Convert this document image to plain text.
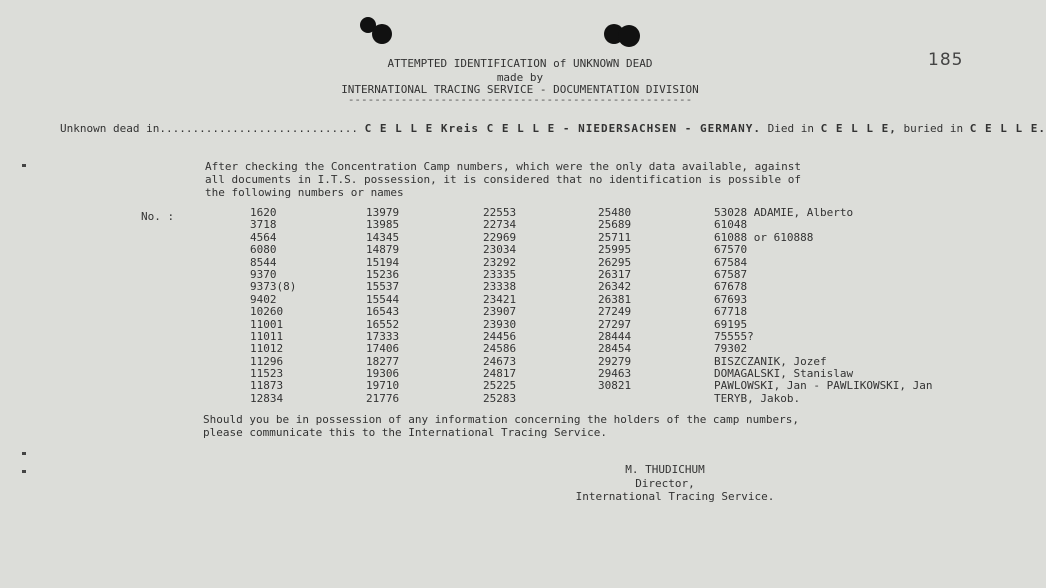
185
ATTEMPTED IDENTIFICATION of UNKNOWN DEAD
made by
INTERNATIONAL TRACING SERVICE - DOCUMENTATION DIVISION
----------------------------------------------------
Unknown dead in.............................. C E L L E Kreis C E L L E - NIEDERSACHSEN - GERMANY. Died in C E L L E, buried in C E L L E.
After checking the Concentration Camp numbers, which were the only data available, against all documents in I.T.S. possession, it is considered that no identification is possible of the following numbers or names
No. :	1620
3718
4564
6080
8544
9370
9373(8)
9402
10260
11001
11011
11012
11296
11523
11873
12834
13979
13985
14345
14879
15194
15236
15537
15544
16543
16552
17333
17406
18277
19306
19710
21776
22553
22734
22969
23034
23292
23335
23338
23421
23907
23930
24456
24586
24673
24817
25225
25283
25480
25689
25711
25995
26295
26317
26342
26381
27249
27297
28444
28454
29279
29463
30821
53028 ADAMIE, Alberto
61048
61088 or 610888
67570
67584
67587
67678
67693
67718
69195
75555?
79302
BISZCZANIK, Jozef
DOMAGALSKI, Stanislaw
PAWLOWSKI, Jan - PAWLIKOWSKI, Jan
TERYB, Jakob.
Should you be in possession of any information concerning the holders of the camp numbers, please communicate this to the International Tracing Service.
M. THUDICHUM
Director,
International Tracing Service.
